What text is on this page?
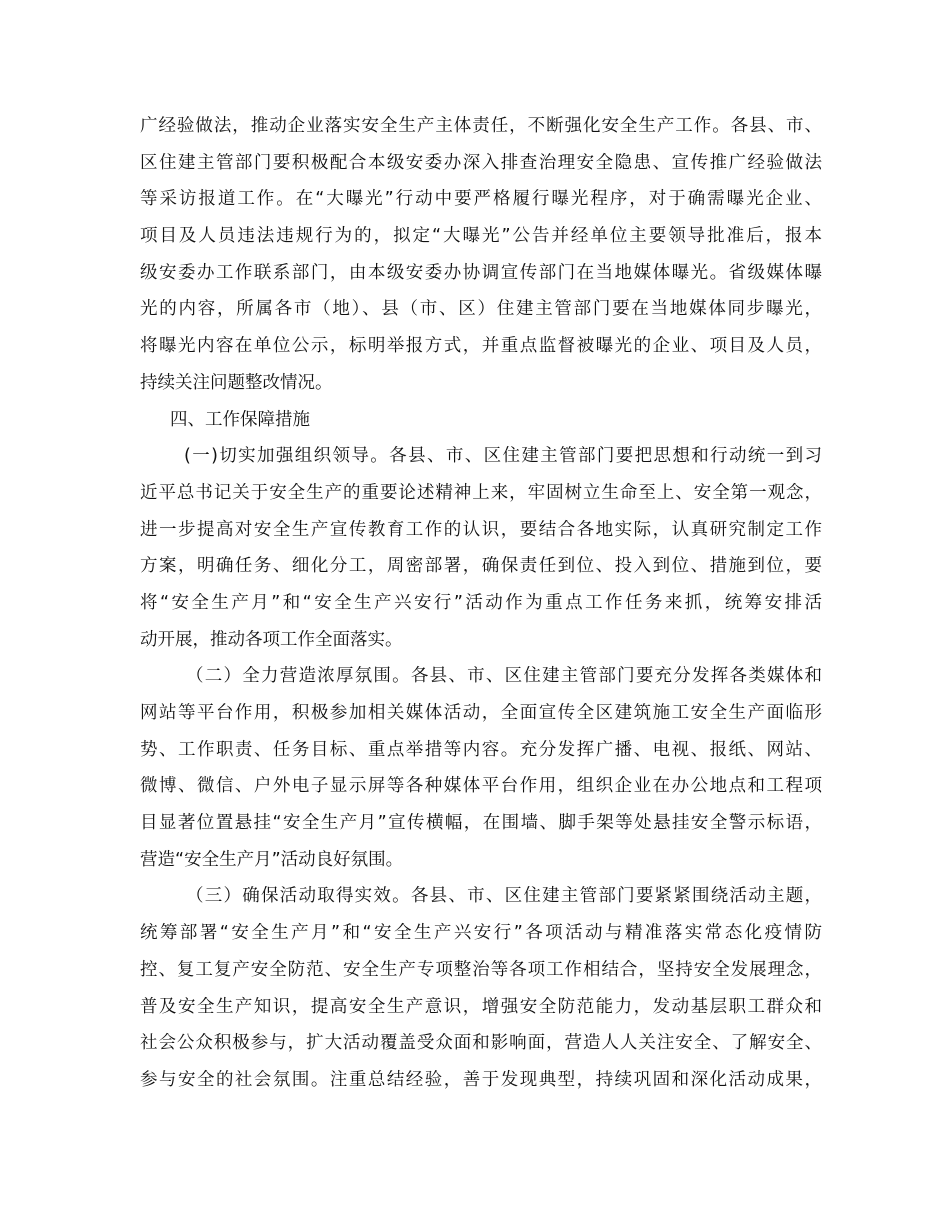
广经验做法，推动企业落实安全生产主体责任，不断强化安全生产工作。各县、市、
区住建主管部门要积极配合本级安委办深入排查治理安全隐患、宣传推广经验做法
等采访报道工作。在“大曝光”行动中要严格履行曝光程序，对于确需曝光企业、
项目及人员违法违规行为的，拟定“大曝光”公告并经单位主要领导批准后，报本
级安委办工作联系部门，由本级安委办协调宣传部门在当地媒体曝光。省级媒体曝
光的内容，所属各市（地）、县（市、区）住建主管部门要在当地媒体同步曝光，
将曝光内容在单位公示，标明举报方式，并重点监督被曝光的企业、项目及人员，
持续关注问题整改情况。
四、工作保障措施
(一)切实加强组织领导。各县、市、区住建主管部门要把思想和行动统一到习
近平总书记关于安全生产的重要论述精神上来，牢固树立生命至上、安全第一观念，
进一步提高对安全生产宣传教育工作的认识，要结合各地实际，认真研究制定工作
方案，明确任务、细化分工，周密部署，确保责任到位、投入到位、措施到位，要
将“安全生产月”和“安全生产兴安行”活动作为重点工作任务来抓，统筹安排活
动开展，推动各项工作全面落实。
（二）全力营造浓厚氛围。各县、市、区住建主管部门要充分发挥各类媒体和
网站等平台作用，积极参加相关媒体活动，全面宣传全区建筑施工安全生产面临形
势、工作职责、任务目标、重点举措等内容。充分发挥广播、电视、报纸、网站、
微博、微信、户外电子显示屏等各种媒体平台作用，组织企业在办公地点和工程项
目显著位置悬挂“安全生产月”宣传横幅，在围墙、脚手架等处悬挂安全警示标语，
营造“安全生产月”活动良好氛围。
（三）确保活动取得实效。各县、市、区住建主管部门要紧紧围绕活动主题，
统筹部署“安全生产月”和“安全生产兴安行”各项活动与精准落实常态化疫情防
控、复工复产安全防范、安全生产专项整治等各项工作相结合，坚持安全发展理念，
普及安全生产知识，提高安全生产意识，增强安全防范能力，发动基层职工群众和
社会公众积极参与，扩大活动覆盖受众面和影响面，营造人人关注安全、了解安全、
参与安全的社会氛围。注重总结经验，善于发现典型，持续巩固和深化活动成果，
